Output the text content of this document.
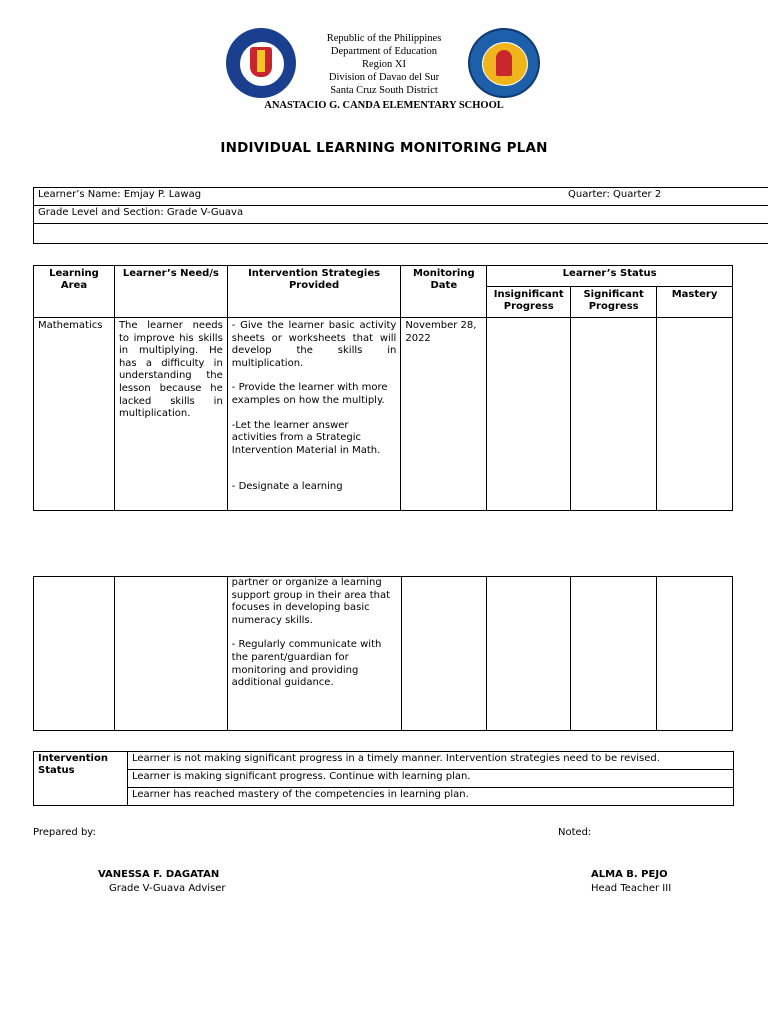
Republic of the Philippines
Department of Education
Region XI
Division of Davao del Sur
Santa Cruz South District
ANASTACIO G. CANDA ELEMENTARY SCHOOL
INDIVIDUAL LEARNING MONITORING PLAN
Learner’s Name: Emjay P. Lawag	Quarter: Quarter 2
Grade Level and Section: Grade V-Guava

Learning Area	Learner’s Need/s	Intervention Strategies Provided	Monitoring Date	Learner’s Status		
				Insignificant Progress	Significant Progress	Mastery
Mathematics	The learner needs to improve his skills in multiplying. He has a difficulty in understanding the lesson because he lacked skills in multiplication.	- Give the learner basic activity sheets or worksheets that will develop the skills in multiplication.
- Provide the learner with more examples on how the multiply.
-Let the learner answer activities from a Strategic Intervention Material in Math.
- Designate a learning	November 28, 2022			

partner or organize a learning support group in their area that focuses in developing basic numeracy skills.
- Regularly communicate with the parent/guardian for monitoring and providing additional guidance.

Intervention Status	Learner is not making significant progress in a timely manner. Intervention strategies need to be revised.
Learner is making significant progress. Continue with learning plan.
Learner has reached mastery of the competencies in learning plan.
Prepared by:	Noted:
VANESSA F. DAGATAN
Grade V-Guava Adviser
ALMA B. PEJO
Head Teacher III
